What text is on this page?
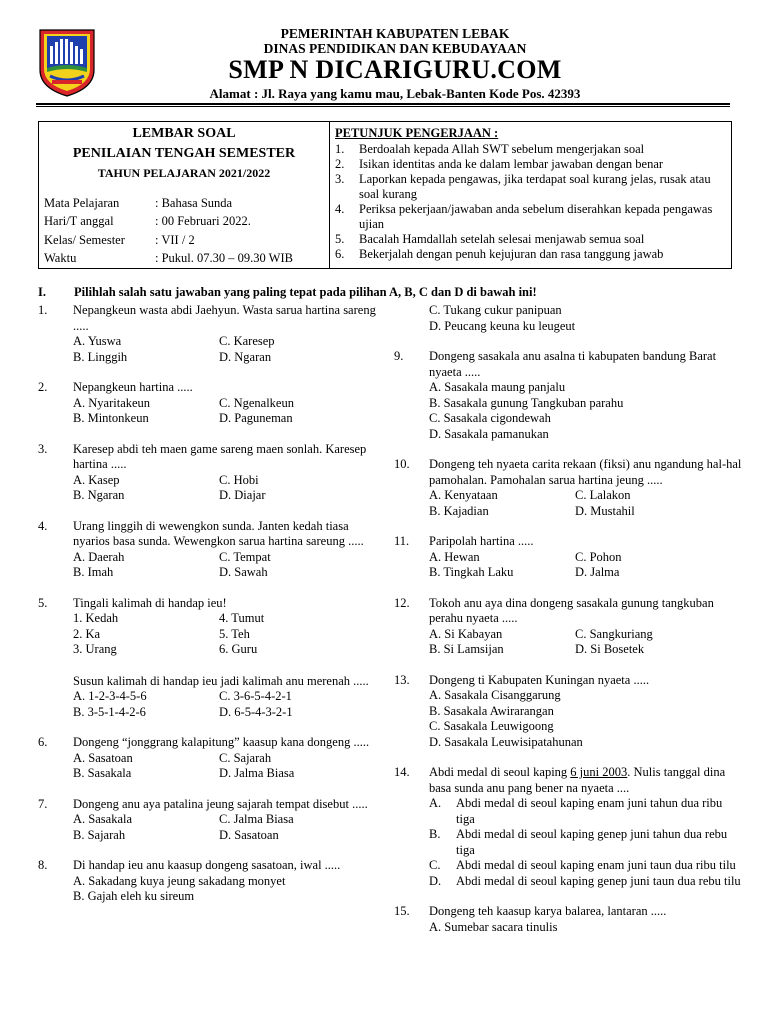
PEMERINTAH KABUPATEN LEBAK
DINAS PENDIDIKAN DAN KEBUDAYAAN
SMP N DICARIGURU.COM
Alamat : Jl. Raya yang kamu mau, Lebak-Banten Kode Pos. 42393
LEMBAR SOAL
PENILAIAN TENGAH SEMESTER
TAHUN PELAJARAN 2021/2022
Mata Pelajaran	: Bahasa Sunda
Hari/T anggal	: 00 Februari 2022.
Kelas/ Semester : VII / 2
Waktu	: Pukul. 07.30 – 09.30 WIB
PETUNJUK PENGERJAAN :
1. Berdoalah kepada Allah SWT sebelum mengerjakan soal
2. Isikan identitas anda ke dalam lembar jawaban dengan benar
3. Laporkan kepada pengawas, jika terdapat soal kurang jelas, rusak atau soal kurang
4. Periksa pekerjaan/jawaban anda sebelum diserahkan kepada pengawas ujian
5. Bacalah Hamdallah setelah selesai menjawab semua soal
6. Bekerjalah dengan penuh kejujuran dan rasa tanggung jawab
I. Pilihlah salah satu jawaban yang paling tepat pada pilihan A, B, C dan D di bawah ini!
1. Nepangkeun wasta abdi Jaehyun. Wasta sarua hartina sareng .....
A. Yuswa	C. Karesep
B. Linggih	D. Ngaran
2. Nepangkeun hartina .....
A. Nyaritakeun	C. Ngenalkeun
B. Mintonkeun	D. Paguneman
3. Karesep abdi teh maen game sareng maen sonlah. Karesep hartina .....
A. Kasep	C. Hobi
B. Ngaran	D. Diajar
4. Urang linggih di wewengkon sunda. Janten kedah tiasa nyarios basa sunda. Wewengkon sarua hartina sareung .....
A. Daerah	C. Tempat
B. Imah	D. Sawah
5. Tingali kalimah di handap ieu!
1. Kedah	4. Tumut
2. Ka	5. Teh
3. Urang	6. Guru
Susun kalimah di handap ieu jadi kalimah anu merenah .....
A. 1-2-3-4-5-6	C. 3-6-5-4-2-1
B. 3-5-1-4-2-6	D. 6-5-4-3-2-1
6. Dongeng “jonggrang kalapitung” kaasup kana dongeng .....
A. Sasatoan	C. Sajarah
B. Sasakala	D. Jalma Biasa
7. Dongeng anu aya patalina jeung sajarah tempat disebut .....
A. Sasakala	C. Jalma Biasa
B. Sajarah	D. Sasatoan
8. Di handap ieu anu kaasup dongeng sasatoan, iwal .....
A. Sakadang kuya jeung sakadang monyet
B. Gajah eleh ku sireum
C. Tukang cukur panipuan
D. Peucang keuna ku leugeut
9. Dongeng sasakala anu asalna ti kabupaten bandung Barat nyaeta .....
A. Sasakala maung panjalu
B. Sasakala gunung Tangkuban parahu
C. Sasakala cigondewah
D. Sasakala pamanukan
10. Dongeng teh nyaeta carita rekaan (fiksi) anu ngandung hal-hal pamohalan. Pamohalan sarua hartina jeung .....
A. Kenyataan	C. Lalakon
B. Kajadian	D. Mustahil
11. Paripolah hartina .....
A. Hewan	C. Pohon
B. Tingkah Laku	D. Jalma
12. Tokoh anu aya dina dongeng sasakala gunung tangkuban perahu nyaeta .....
A. Si Kabayan	C. Sangkuriang
B. Si Lamsijan	D. Si Bosetek
13. Dongeng ti Kabupaten Kuningan nyaeta .....
A. Sasakala Cisanggarung
B. Sasakala Awirarangan
C. Sasakala Leuwigoong
D. Sasakala Leuwisipatahunan
14. Abdi medal di seoul kaping 6 juni 2003. Nulis tanggal dina basa sunda anu pang bener na nyaeta ....
A. Abdi medal di seoul kaping enam juni tahun dua ribu tiga
B. Abdi medal di seoul kaping genep juni tahun dua rebu tiga
C. Abdi medal di seoul kaping enam juni taun dua ribu tilu
D. Abdi medal di seoul kaping genep juni taun dua rebu tilu
15. Dongeng teh kaasup karya balarea, lantaran .....
A. Sumebar sacara tinulis
